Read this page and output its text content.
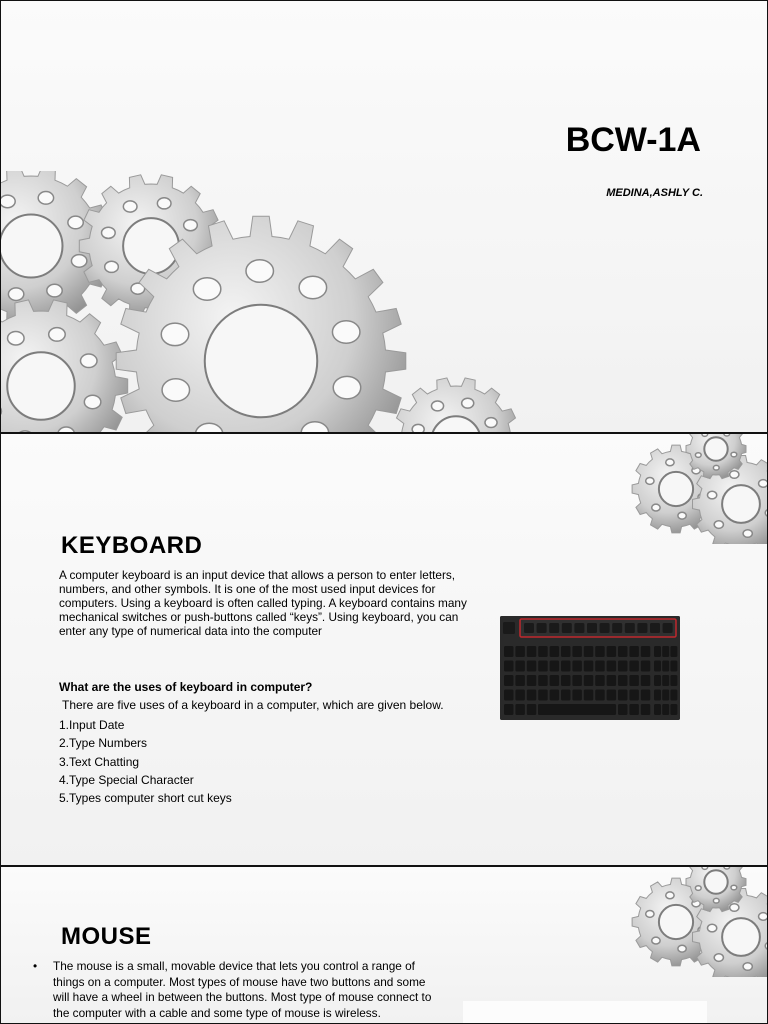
BCW-1A
MEDINA,ASHLY C.
KEYBOARD
A computer keyboard is an input device that allows a person to enter letters, numbers, and other symbols. It is one of the most used input devices for computers. Using a keyboard is often called typing. A keyboard contains many mechanical switches or push-buttons called “keys”. Using keyboard, you can enter any type of numerical data into the computer
What are the uses of keyboard in computer?
There are five uses of a keyboard in a computer, which are given below.
1.Input Date
2.Type Numbers
3.Text Chatting
4.Type Special Character
5.Types computer short cut keys
MOUSE
• The mouse is a small, movable device that lets you control a range of things on a computer. Most types of mouse have two buttons and some will have a wheel in between the buttons. Most type of mouse connect to the computer with a cable and some type of mouse is wireless.
